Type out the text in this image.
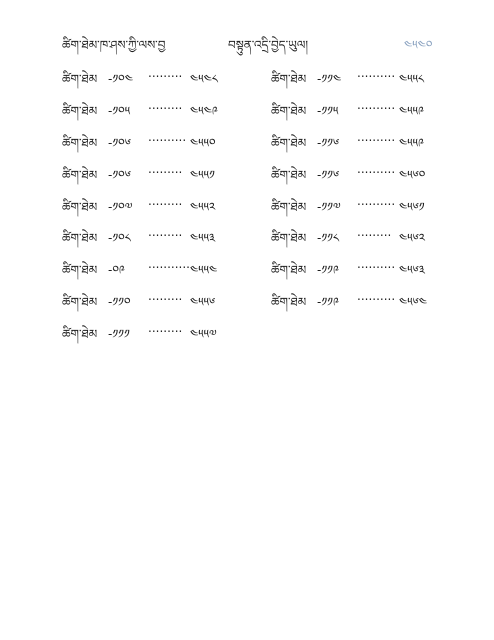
ཚིག་ཐེམ་ཁ་ཤས་ཀྱི་ལས་བྱ	བསྟུན་འདྲི་བྱེད་ཡུལ།	༤༥༤༠
ཚིག་ཐེམ -༡༠༤ ......... ༤༥༤༨
ཚིག་ཐེམ -༡༠༥ ......... ༤༥༤༩
ཚིག་ཐེམ -༡༠༦ .......... ༤༥༥༠
ཚིག་ཐེམ -༡༠༦ ......... ༤༥༥༡
ཚིག་ཐེམ -༡༠༧ ......... ༤༥༥༢
ཚིག་ཐེམ -༡༠༨ ......... ༤༥༥༣
ཚིག་ཐེམ -༠༩ ........... ༤༥༥༤
ཚིག་ཐེམ -༡༡༠ ......... ༤༥༥༦
ཚིག་ཐེམ -༡༡༡ ......... ༤༥༥༧
ཚིག་ཐེམ -༡༡༤ .......... ༤༥༥༨
ཚིག་ཐེམ -༡༡༥ .......... ༤༥༥༩
ཚིག་ཐེམ -༡༡༦ .......... ༤༥༥༩
ཚིག་ཐེམ -༡༡༦ .......... ༤༥༦༠
ཚིག་ཐེམ -༡༡༧ .......... ༤༥༦༡
ཚིག་ཐེམ -༡༡༨ ......... ༤༥༦༢
ཚིག་ཐེམ -༡༡༩ .......... ༤༥༦༣
ཚིག་ཐེམ -༡༡༩ .......... ༤༥༦༤
